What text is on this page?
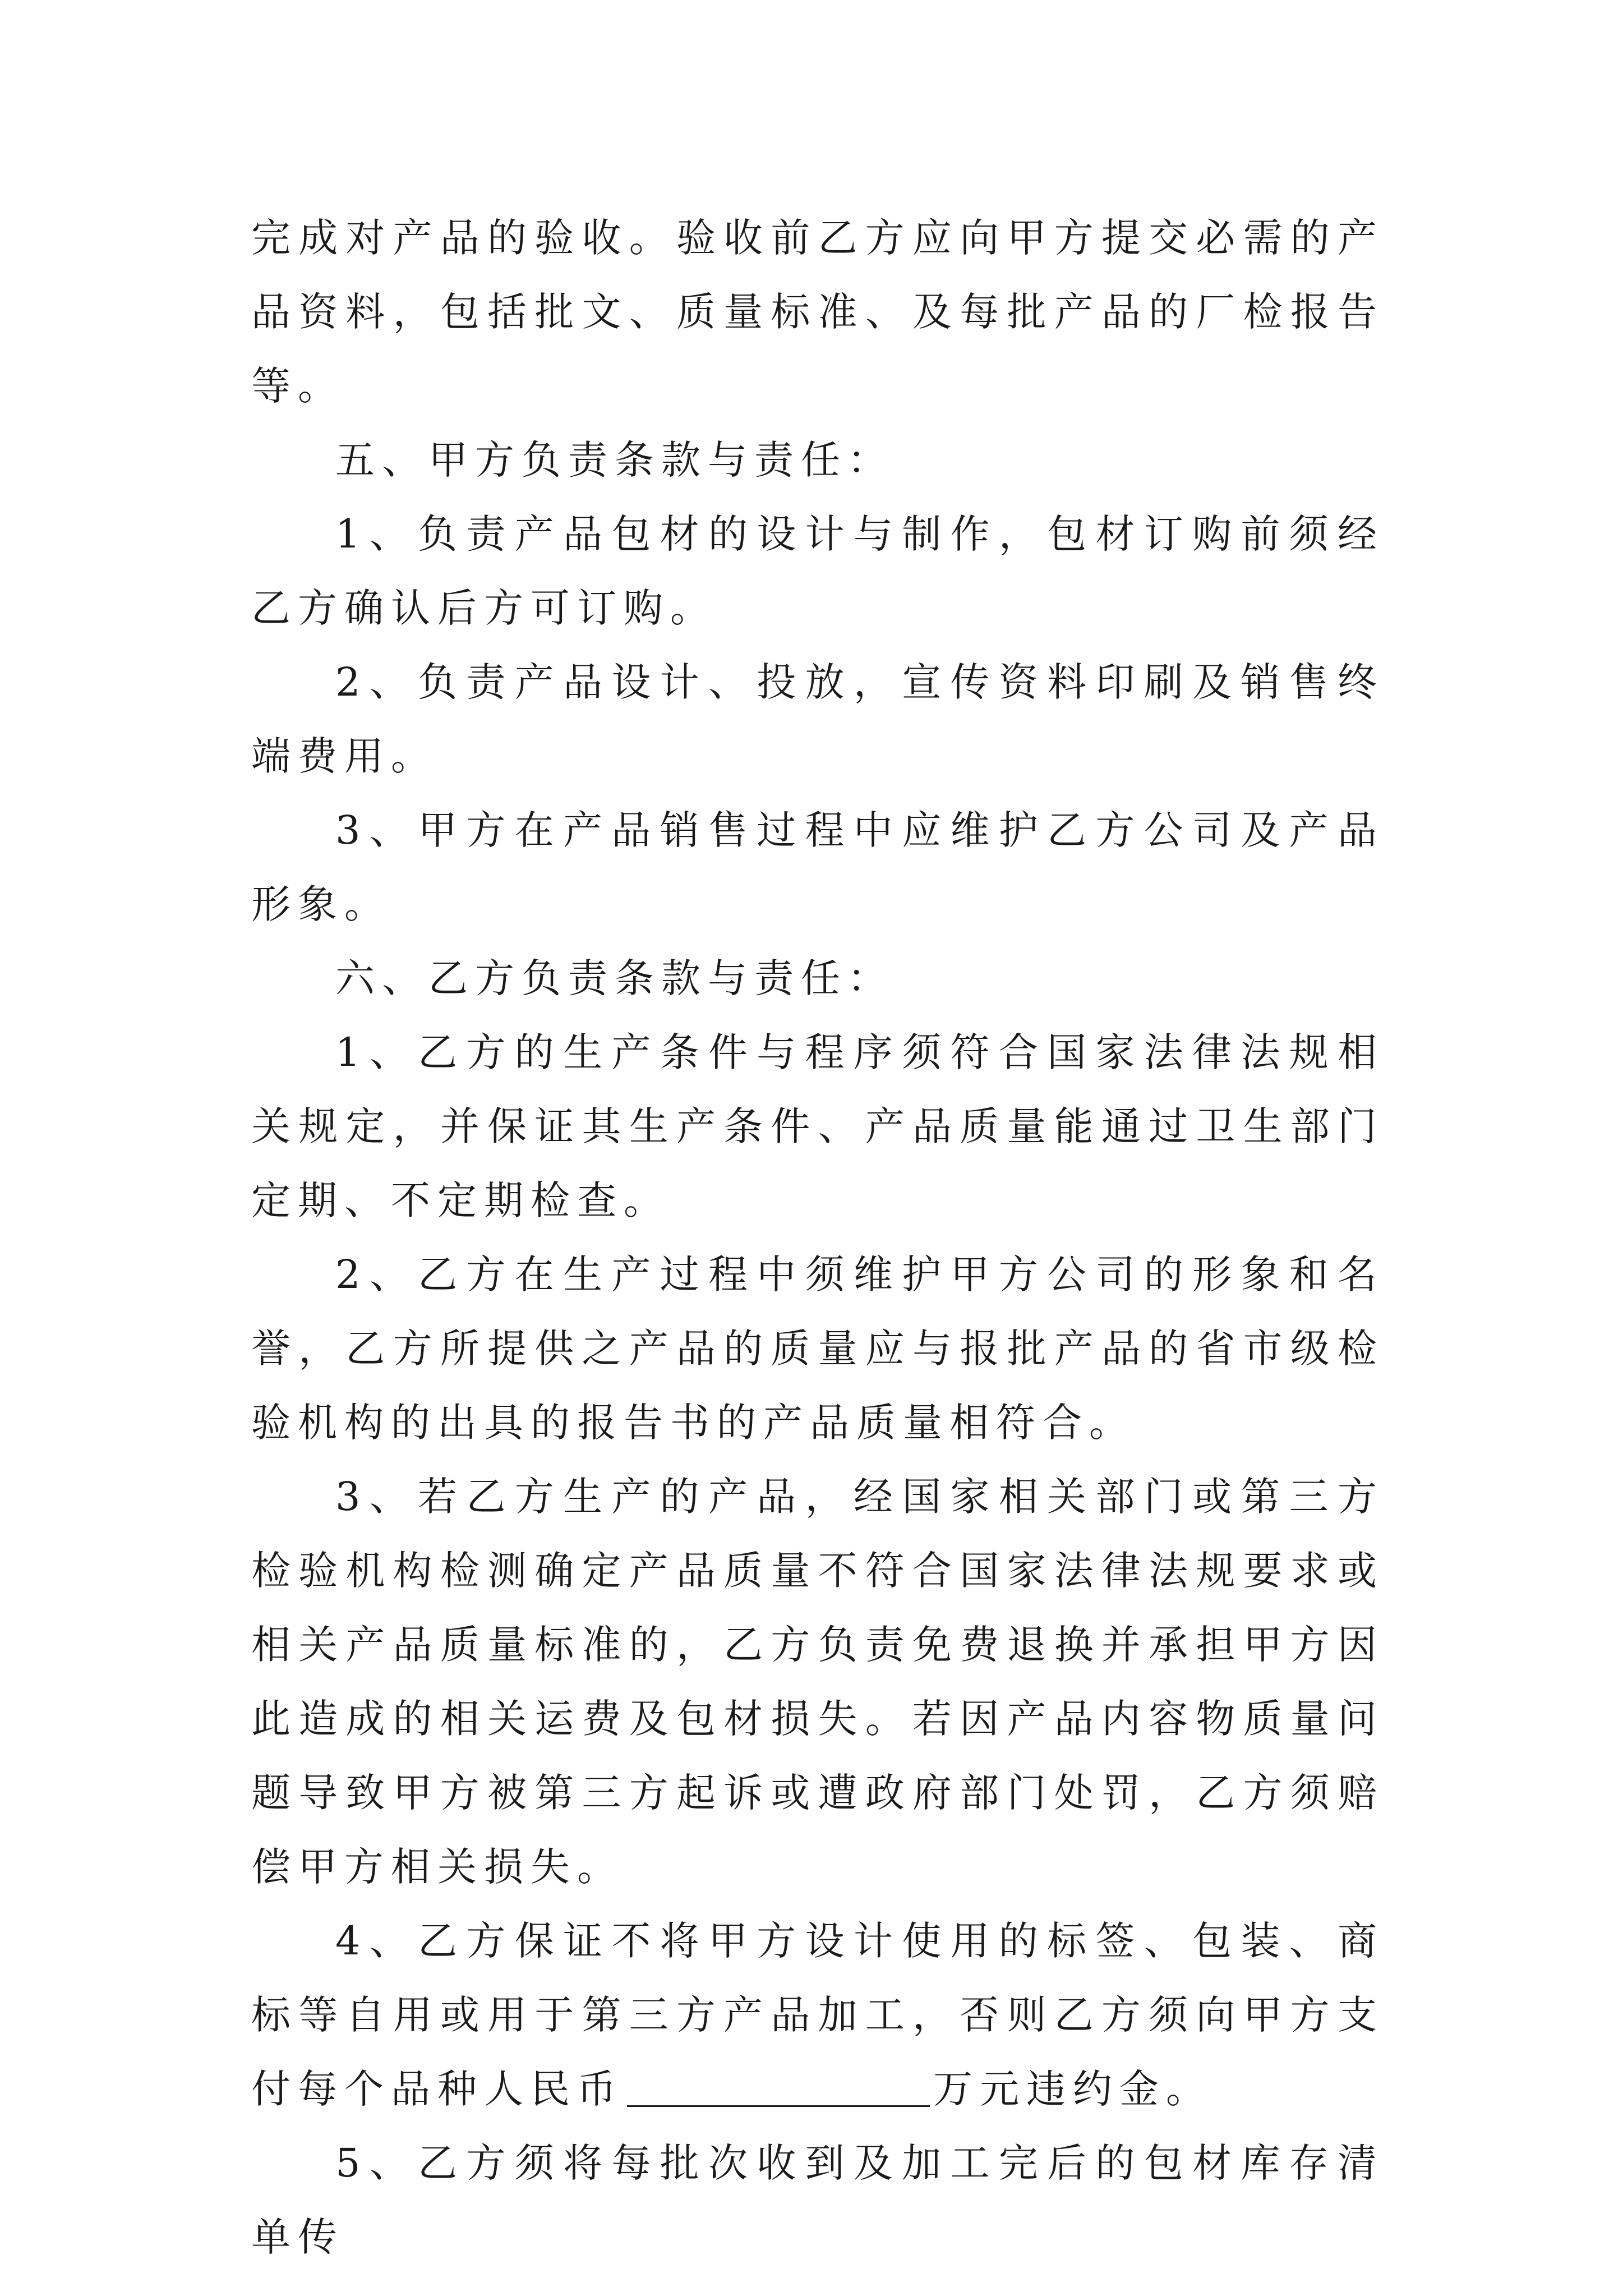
完成对产品的验收。验收前乙方应向甲方提交必需的产品资料，包括批文、质量标准、及每批产品的厂检报告等。

五、甲方负责条款与责任：

1、负责产品包材的设计与制作，包材订购前须经乙方确认后方可订购。

2、负责产品设计、投放，宣传资料印刷及销售终端费用。

3、甲方在产品销售过程中应维护乙方公司及产品形象。

六、乙方负责条款与责任：

1、乙方的生产条件与程序须符合国家法律法规相关规定，并保证其生产条件、产品质量能通过卫生部门定期、不定期检查。

2、乙方在生产过程中须维护甲方公司的形象和名誉，乙方所提供之产品的质量应与报批产品的省市级检验机构的出具的报告书的产品质量相符合。

3、若乙方生产的产品，经国家相关部门或第三方检验机构检测确定产品质量不符合国家法律法规要求或相关产品质量标准的，乙方负责免费退换并承担甲方因此造成的相关运费及包材损失。若因产品内容物质量问题导致甲方被第三方起诉或遭政府部门处罚，乙方须赔偿甲方相关损失。

4、乙方保证不将甲方设计使用的标签、包装、商标等自用或用于第三方产品加工，否则乙方须向甲方支付每个品种人民币	万元违约金。

5、乙方须将每批次收到及加工完后的包材库存清单传
